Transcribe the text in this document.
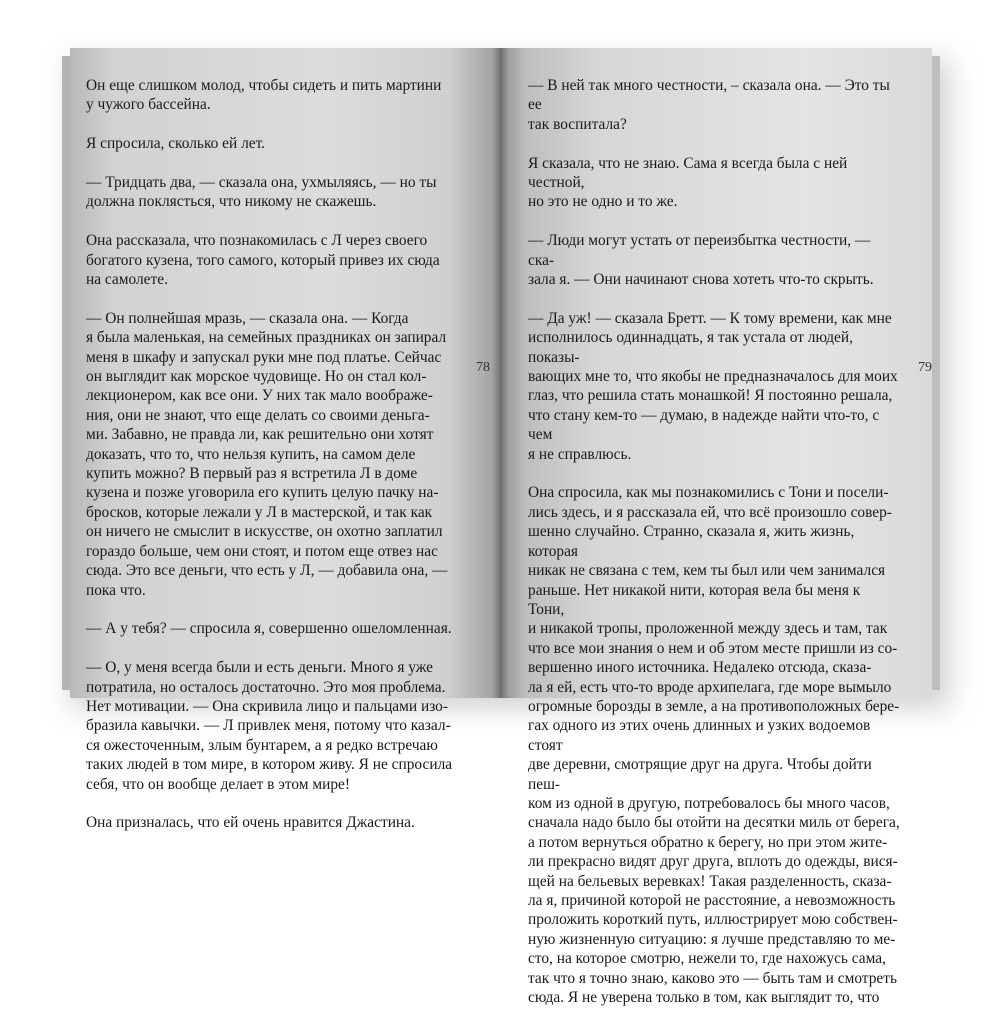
Он еще слишком молод, чтобы сидеть и пить мартини
у чужого бассейна.

Я спросила, сколько ей лет.

— Тридцать два, — сказала она, ухмыляясь, — но ты
должна поклясться, что никому не скажешь.

Она рассказала, что познакомилась с Л через своего
богатого кузена, того самого, который привез их сюда
на самолете.

— Он полнейшая мразь, — сказала она. — Когда
я была маленькая, на семейных праздниках он запирал
меня в шкафу и запускал руки мне под платье. Сейчас
он выглядит как морское чудовище. Но он стал кол-
лекционером, как все они. У них так мало воображе-
ния, они не знают, что еще делать со своими деньга-
ми. Забавно, не правда ли, как решительно они хотят
доказать, что то, что нельзя купить, на самом деле
купить можно? В первый раз я встретила Л в доме
кузена и позже уговорила его купить целую пачку на-
бросков, которые лежали у Л в мастерской, и так как
он ничего не смыслит в искусстве, он охотно заплатил
гораздо больше, чем они стоят, и потом еще отвез нас
сюда. Это все деньги, что есть у Л, — добавила она, —
пока что.

— А у тебя? — спросила я, совершенно ошеломленная.

— О, у меня всегда были и есть деньги. Много я уже
потратила, но осталось достаточно. Это моя проблема.
Нет мотивации. — Она скривила лицо и пальцами изо-
бразила кавычки. — Л привлек меня, потому что казал-
ся ожесточенным, злым бунтарем, а я редко встречаю
таких людей в том мире, в котором живу. Я не спросила
себя, что он вообще делает в этом мире!

Она призналась, что ей очень нравится Джастина.

78

— В ней так много честности, – сказала она. — Это ты ее
так воспитала?

Я сказала, что не знаю. Сама я всегда была с ней честной,
но это не одно и то же.

— Люди могут устать от переизбытка честности, — ска-
зала я. — Они начинают снова хотеть что-то скрыть.

— Да уж! — сказала Бретт. — К тому времени, как мне
исполнилось одиннадцать, я так устала от людей, показы-
вающих мне то, что якобы не предназначалось для моих
глаз, что решила стать монашкой! Я постоянно решала,
что стану кем-то — думаю, в надежде найти что-то, с чем
я не справлюсь.

Она спросила, как мы познакомились с Тони и посели-
лись здесь, и я рассказала ей, что всё произошло совер-
шенно случайно. Странно, сказала я, жить жизнь, которая
никак не связана с тем, кем ты был или чем занимался
раньше. Нет никакой нити, которая вела бы меня к Тони,
и никакой тропы, проложенной между здесь и там, так
что все мои знания о нем и об этом месте пришли из со-
вершенно иного источника. Недалеко отсюда, сказа-
ла я ей, есть что-то вроде архипелага, где море вымыло
огромные борозды в земле, а на противоположных бере-
гах одного из этих очень длинных и узких водоемов стоят
две деревни, смотрящие друг на друга. Чтобы дойти пеш-
ком из одной в другую, потребовалось бы много часов,
сначала надо было бы отойти на десятки миль от берега,
а потом вернуться обратно к берегу, но при этом жите-
ли прекрасно видят друг друга, вплоть до одежды, вися-
щей на бельевых веревках! Такая разделенность, сказа-
ла я, причиной которой не расстояние, а невозможность
проложить короткий путь, иллюстрирует мою собствен-
ную жизненную ситуацию: я лучше представляю то ме-
сто, на которое смотрю, нежели то, где нахожусь сама,
так что я точно знаю, каково это — быть там и смотреть
сюда. Я не уверена только в том, как выглядит то, что

79
